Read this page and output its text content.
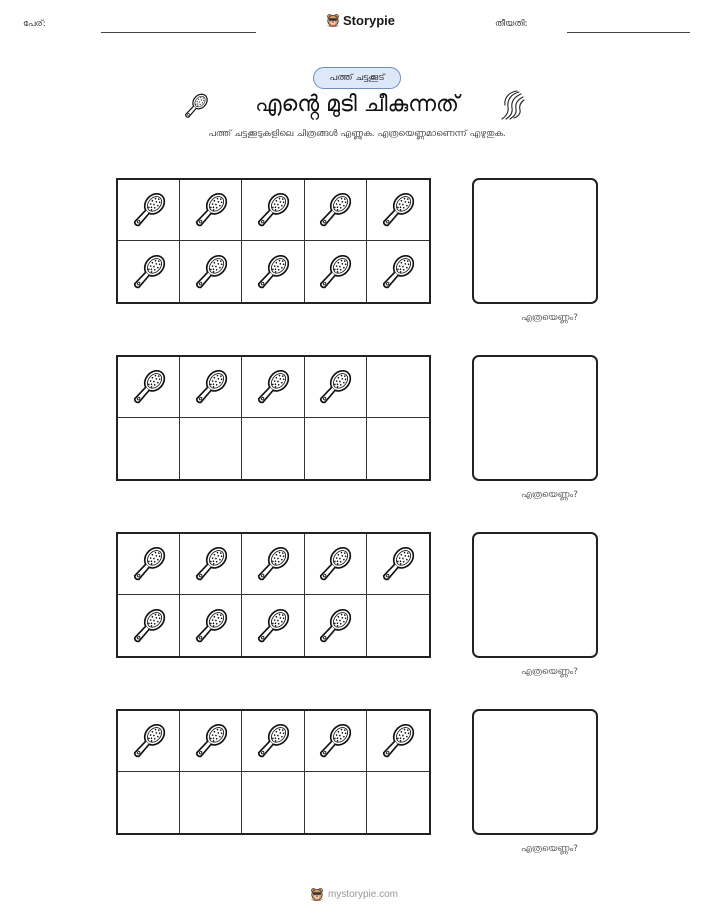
പേര്:	Storypie	തീയതി:
പത്ത് ചട്ടക്കൂട്
എൻ്റെ മുടി ചീകുന്നത്
പത്ത് ചട്ടക്കൂടുകളിലെ ചിത്രങ്ങൾ എണ്ണുക. എത്രയെണ്ണമാണെന്ന് എഴുതുക.
എത്രയെണ്ണം?
എത്രയെണ്ണം?
എത്രയെണ്ണം?
എത്രയെണ്ണം?
mystorypie.com
